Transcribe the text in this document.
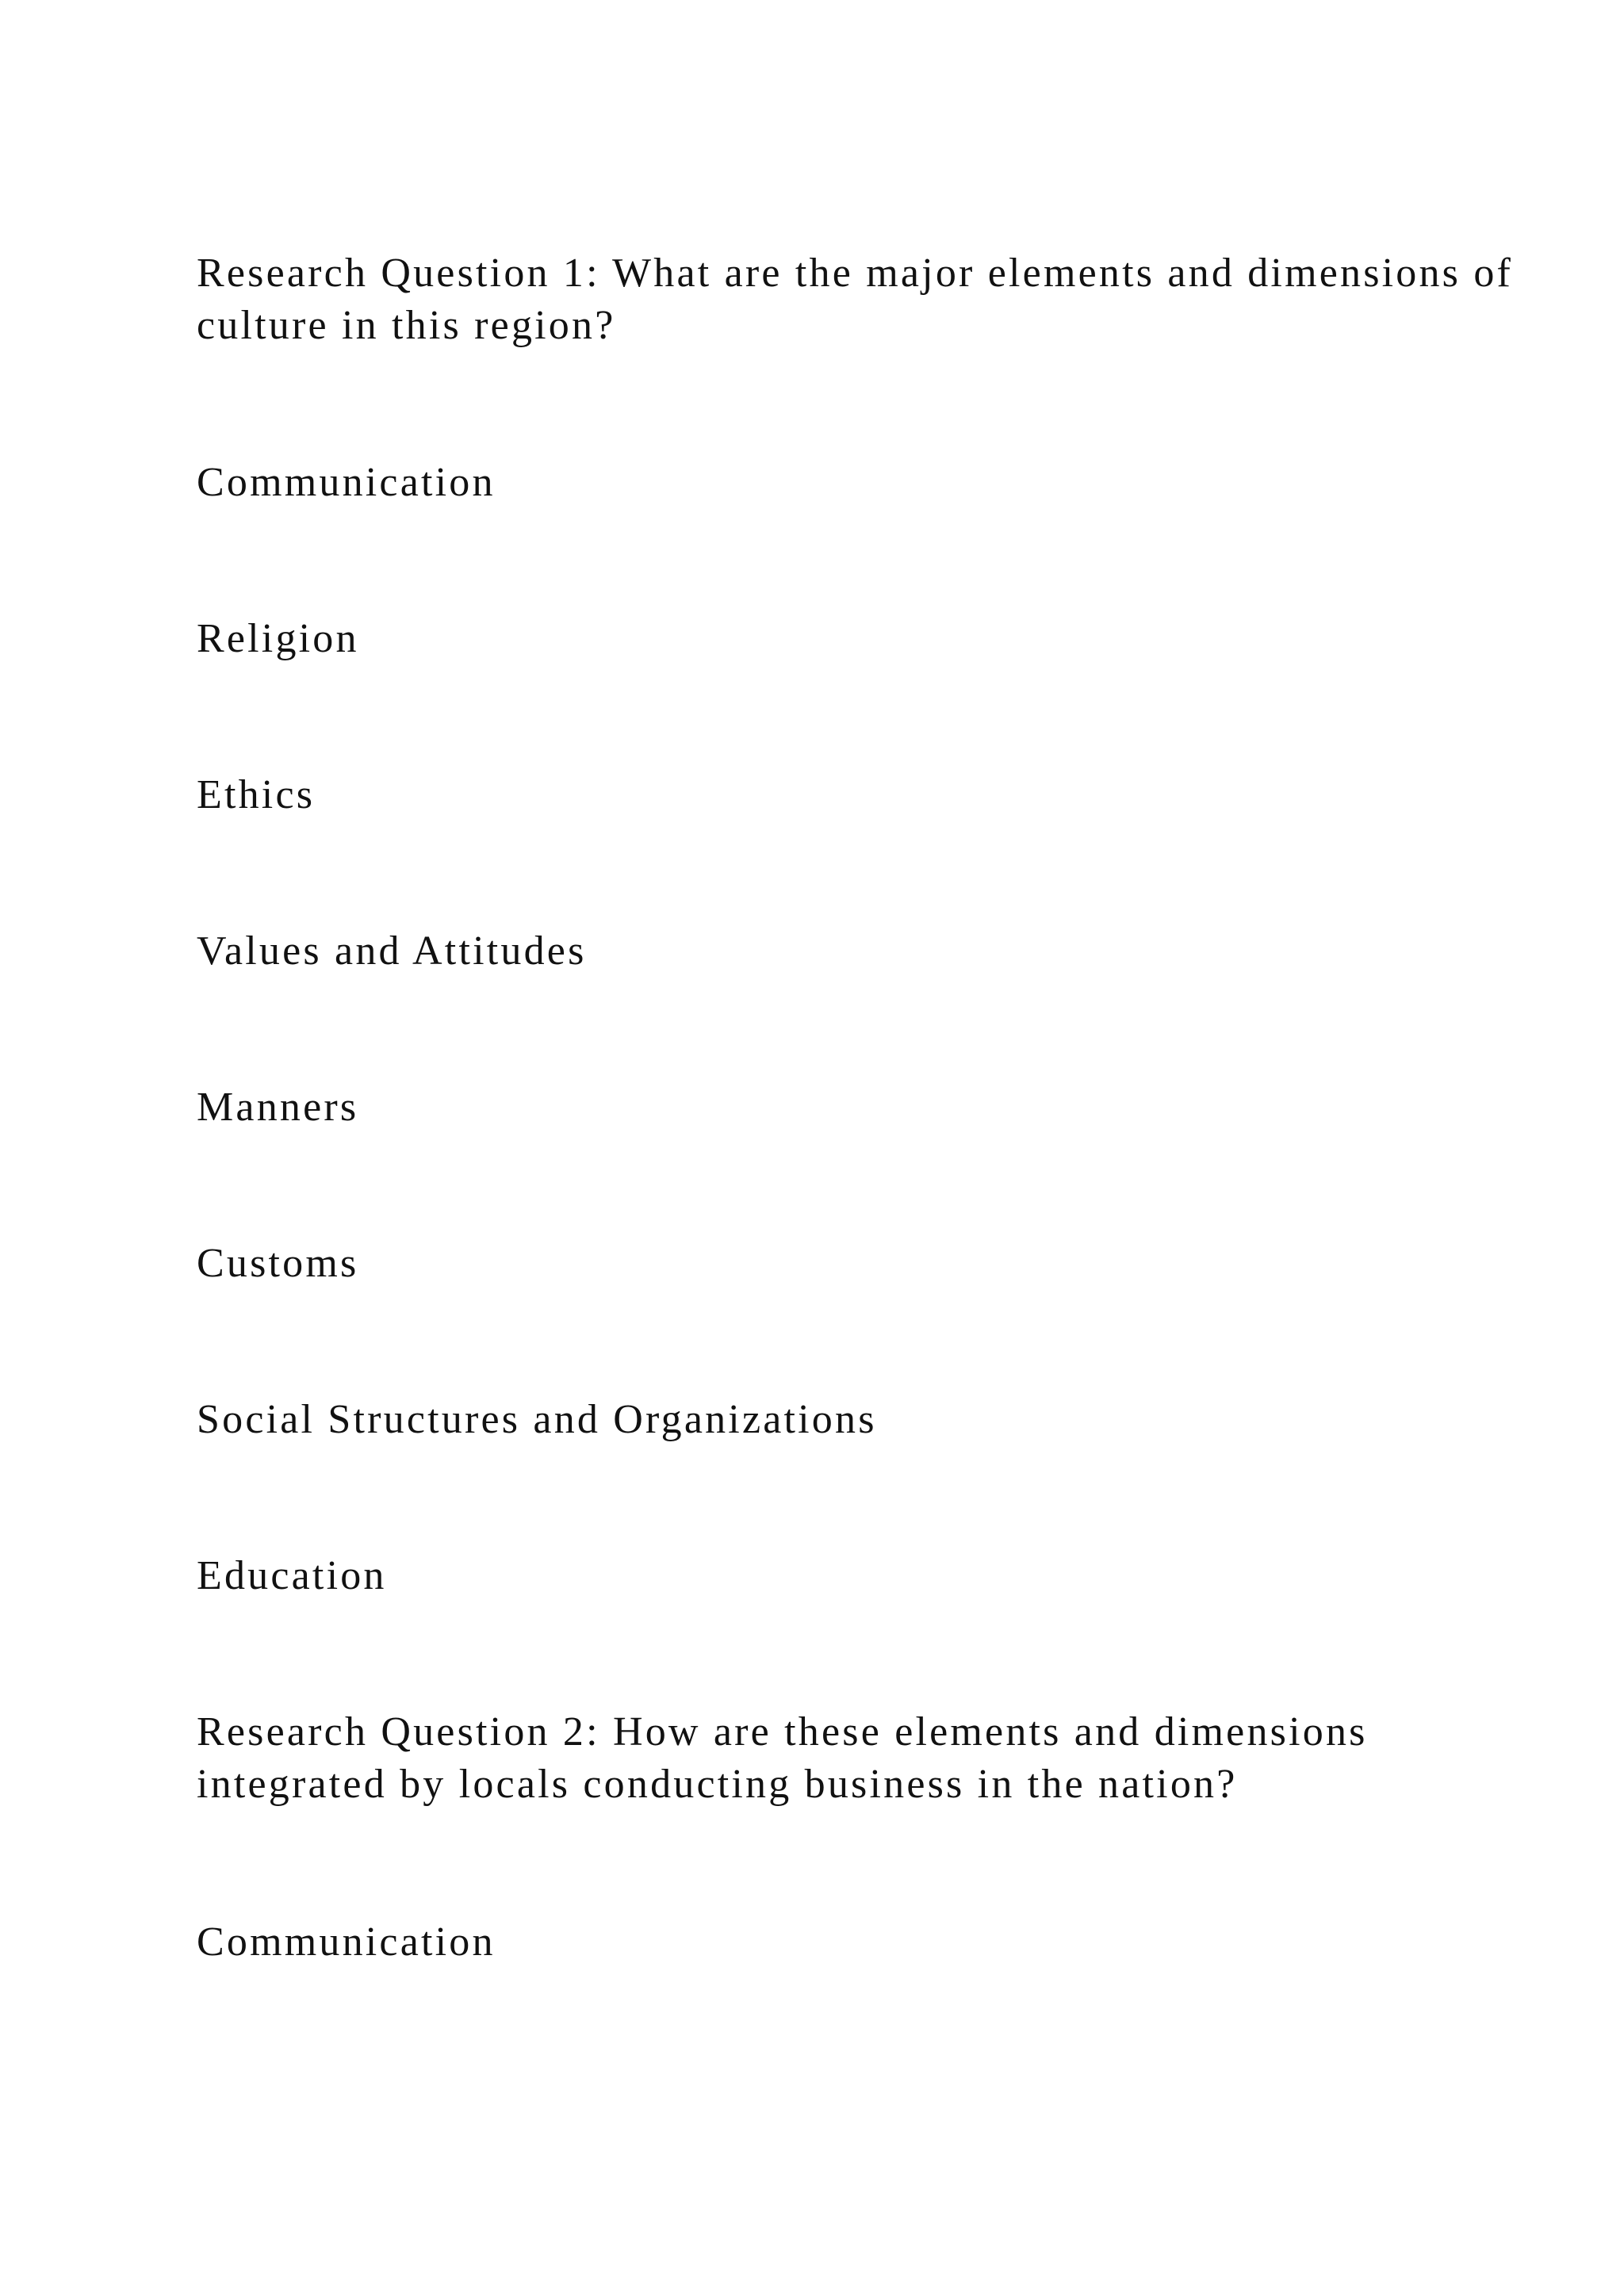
Research Question 1: What are the major elements and dimensions of culture in this region?

Communication

Religion

Ethics

Values and Attitudes

Manners

Customs

Social Structures and Organizations

Education

Research Question 2: How are these elements and dimensions integrated by locals conducting business in the nation?

Communication
